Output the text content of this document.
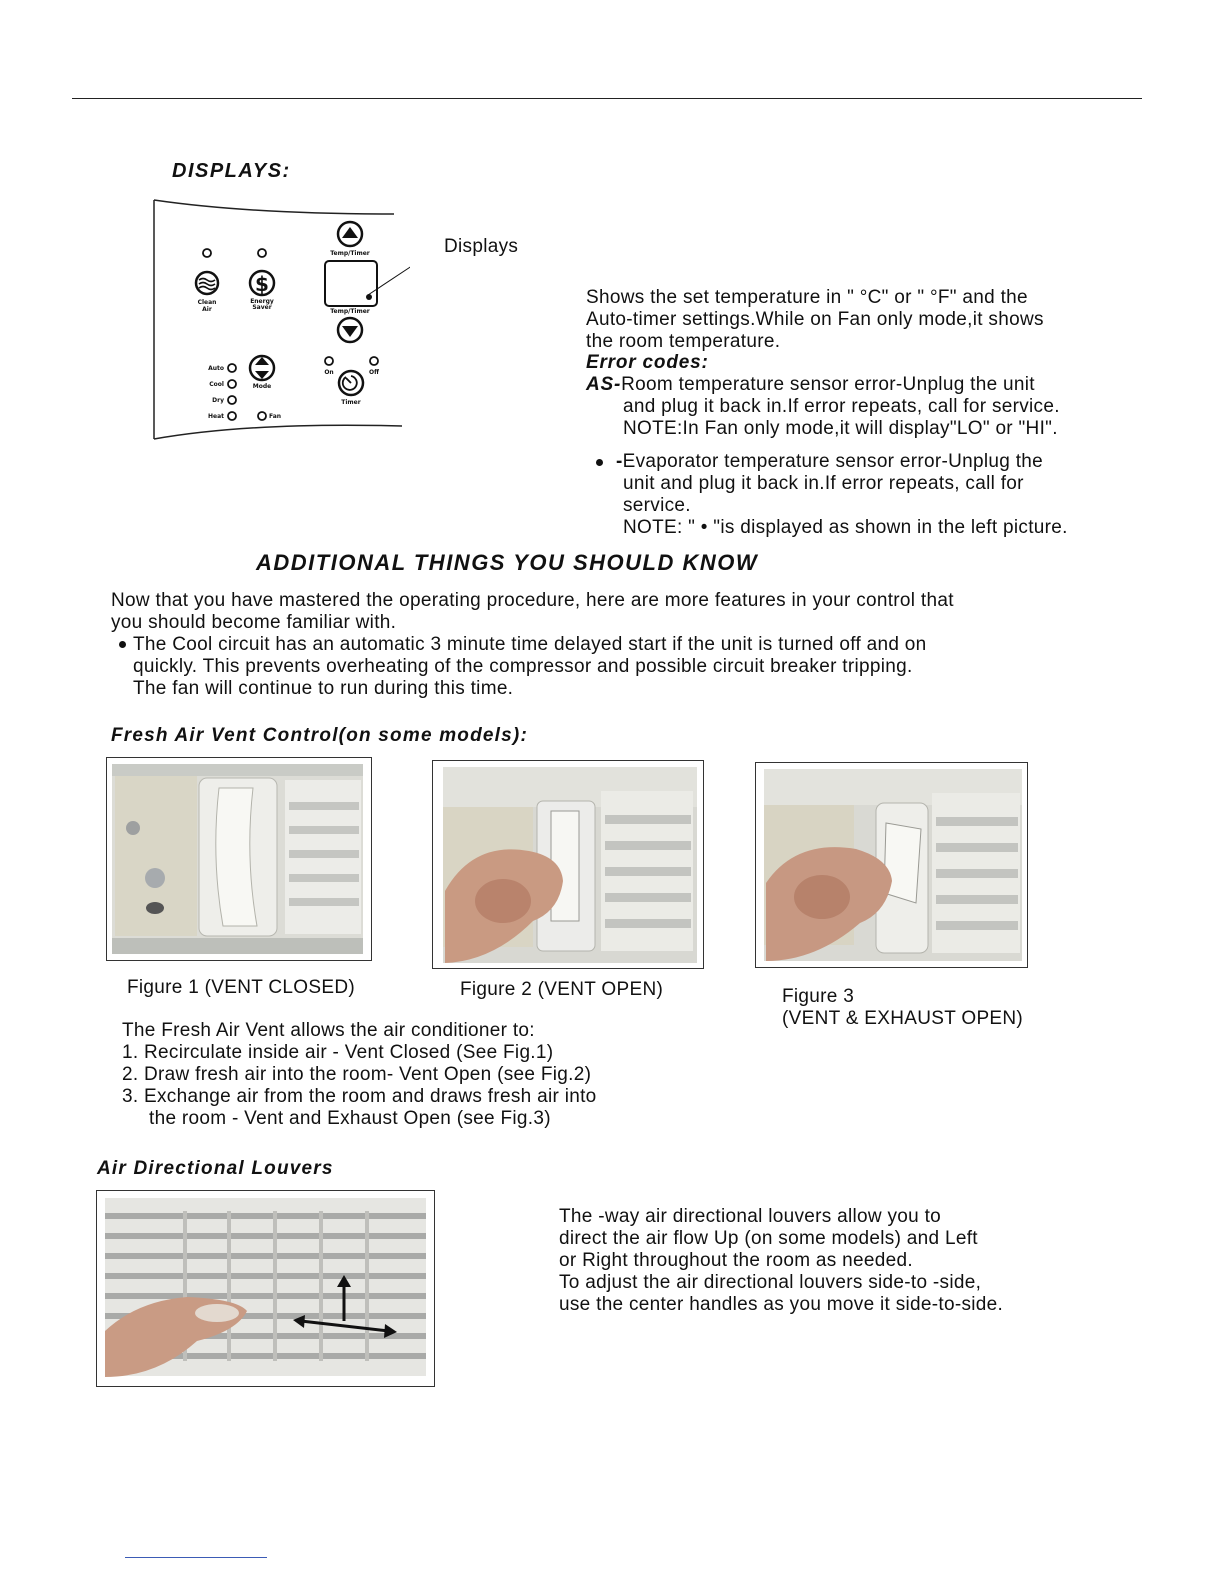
DISPLAYS:
Clean
Air
$
Energy
Saver
Temp/Timer
Temp/Timer
Auto
Cool
Dry
Heat
Mode
Fan
On	Off
Timer
Displays
Shows the set temperature in " °C" or " °F" and the
Auto-timer settings.While on Fan only mode,it shows
the room temperature.
Error codes:
AS-Room temperature sensor error-Unplug the unit
and plug it back in.If error repeats, call for service.
NOTE:In Fan only mode,it will display"LO" or "HI".
-Evaporator temperature sensor error-Unplug the
unit and plug it back in.If error repeats, call for
service.
NOTE: " • "is displayed as shown in the left picture.
ADDITIONAL THINGS YOU SHOULD KNOW
Now that you have mastered the operating procedure, here are more features in your control that
you should become familiar with.
The Cool circuit has an automatic 3 minute time delayed start if the unit is turned off and on
quickly. This prevents overheating of the compressor and possible circuit breaker tripping.
The fan will continue to run during this time.
Fresh Air Vent Control(on some models):
Figure 1 (VENT CLOSED)	Figure 2 (VENT OPEN)	Figure 3
(VENT & EXHAUST OPEN)
The Fresh Air Vent allows the air conditioner to:
1. Recirculate inside air - Vent Closed (See Fig.1)
2. Draw fresh air into the room- Vent Open (see Fig.2)
3. Exchange air from the room and draws fresh air into
the room - Vent and Exhaust Open (see Fig.3)
Air Directional Louvers
The -way air directional louvers allow you to
direct the air flow Up (on some models) and Left
or Right throughout the room as needed.
To adjust the air directional louvers side-to -side,
use the center handles as you move it side-to-side.
